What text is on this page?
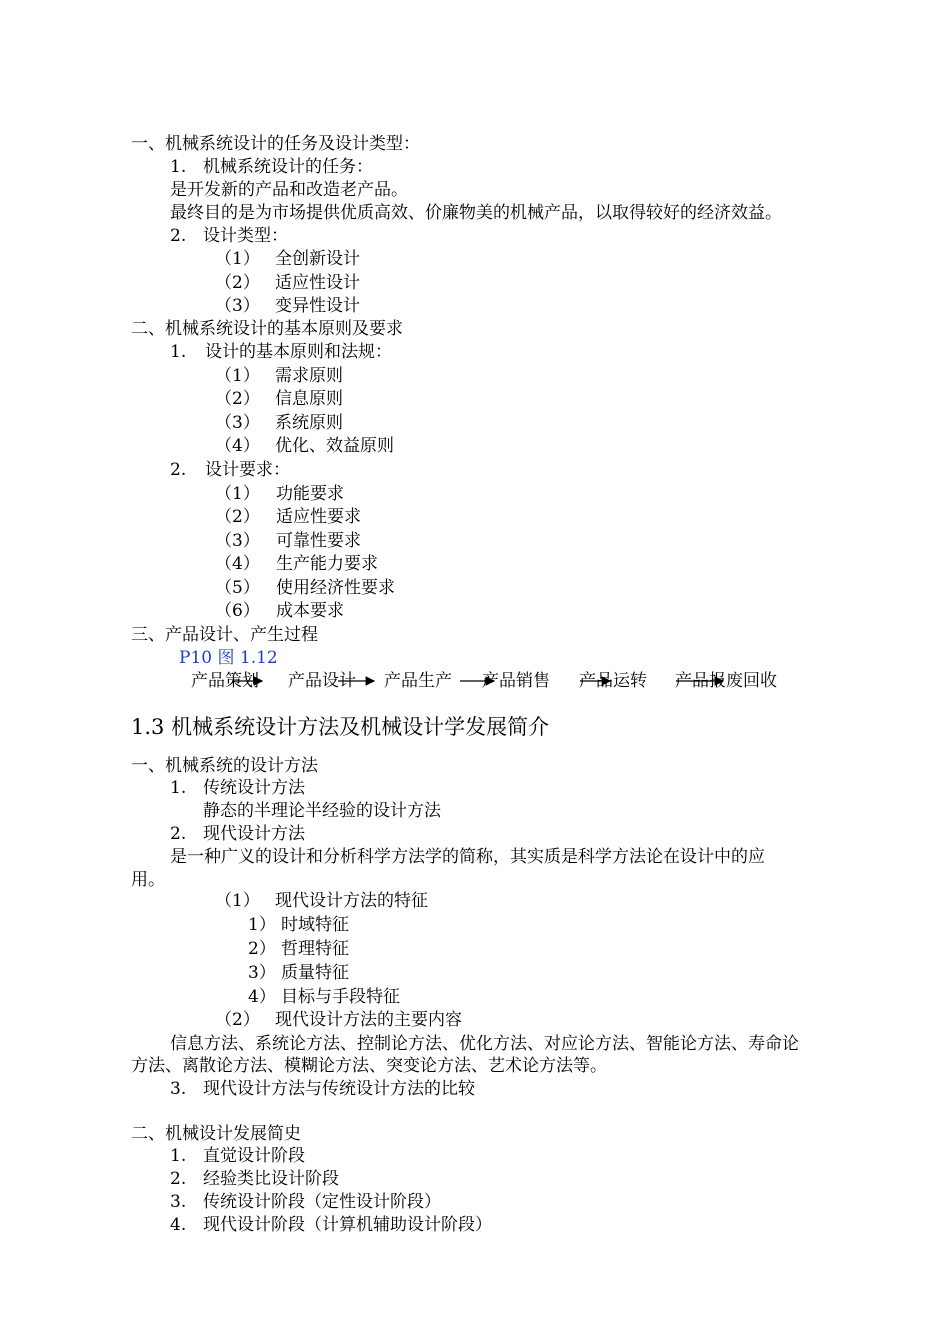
一、机械系统设计的任务及设计类型：
1. 机械系统设计的任务：
是开发新的产品和改造老产品。
最终目的是为市场提供优质高效、价廉物美的机械产品，以取得较好的经济效益。
2. 设计类型：
（1） 全创新设计
（2） 适应性设计
（3） 变异性设计
二、机械系统设计的基本原则及要求
1. 设计的基本原则和法规：
（1） 需求原则
（2） 信息原则
（3） 系统原则
（4） 优化、效益原则
2. 设计要求：
（1） 功能要求
（2） 适应性要求
（3） 可靠性要求
（4） 生产能力要求
（5） 使用经济性要求
（6） 成本要求
三、产品设计、产生过程
P10 图 1.12
产品策划 产品设计 产品生产 产品销售 产品运转 产品报废回收
1.3 机械系统设计方法及机械设计学发展简介
一、机械系统的设计方法
1. 传统设计方法
静态的半理论半经验的设计方法
2. 现代设计方法
是一种广义的设计和分析科学方法学的简称，其实质是科学方法论在设计中的应
用。
（1） 现代设计方法的特征
1） 时域特征
2） 哲理特征
3） 质量特征
4） 目标与手段特征
（2） 现代设计方法的主要内容
信息方法、系统论方法、控制论方法、优化方法、对应论方法、智能论方法、寿命论
方法、离散论方法、模糊论方法、突变论方法、艺术论方法等。
3. 现代设计方法与传统设计方法的比较
二、机械设计发展简史
1. 直觉设计阶段
2. 经验类比设计阶段
3. 传统设计阶段（定性设计阶段）
4. 现代设计阶段（计算机辅助设计阶段）
